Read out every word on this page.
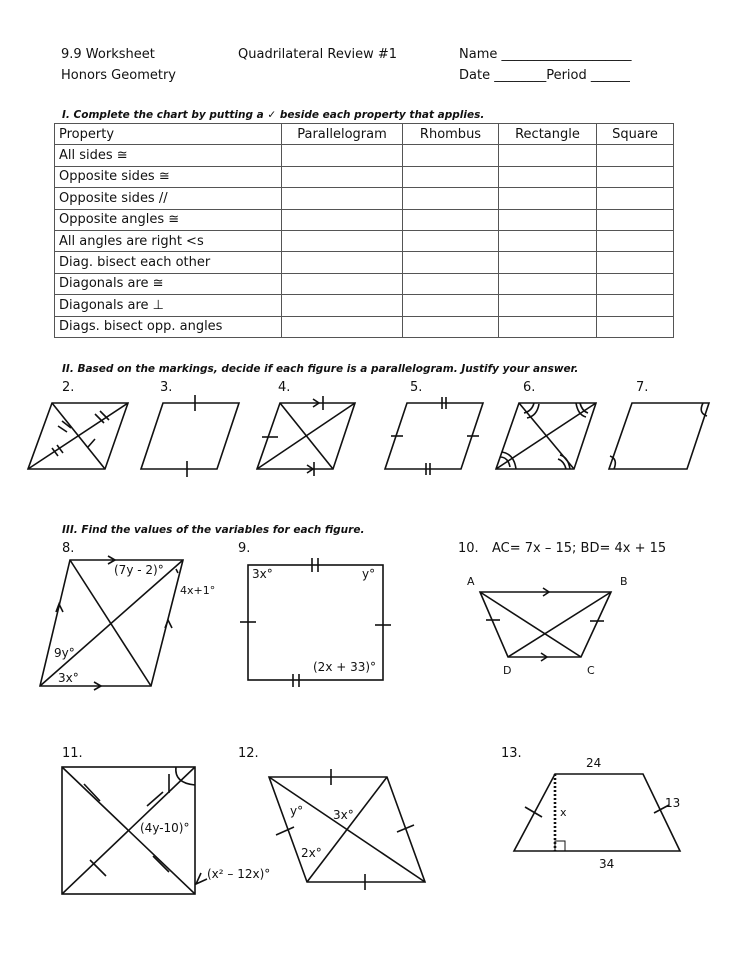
9.9 Worksheet
Honors Geometry
Quadrilateral Review #1	Name ____________________
Date ________Period ______
I. Complete the chart by putting a ✓ beside each property that applies.
Property	Parallelogram	Rhombus	Rectangle	Square
All sides ≅				
Opposite sides ≅				
Opposite sides //				
Opposite angles ≅				
All angles are right <s				
Diag. bisect each other				
Diagonals are ≅				
Diagonals are ⊥				
Diags. bisect opp. angles				
II. Based on the markings, decide if each figure is a parallelogram. Justify your answer.
2.	3.	4.	5.	6.	7.
III. Find the values of the variables for each figure.
8.	9.	10. AC= 7x – 15; BD= 4x + 15
11.	12.	13.
(7y - 2)°
4x+1°
9y°
3x°
3x°	y°
(2x + 33)°
A	B
C
D
(4y-10)°
(x² – 12x)°
y° 3x°
2x°
24
13
34
x
